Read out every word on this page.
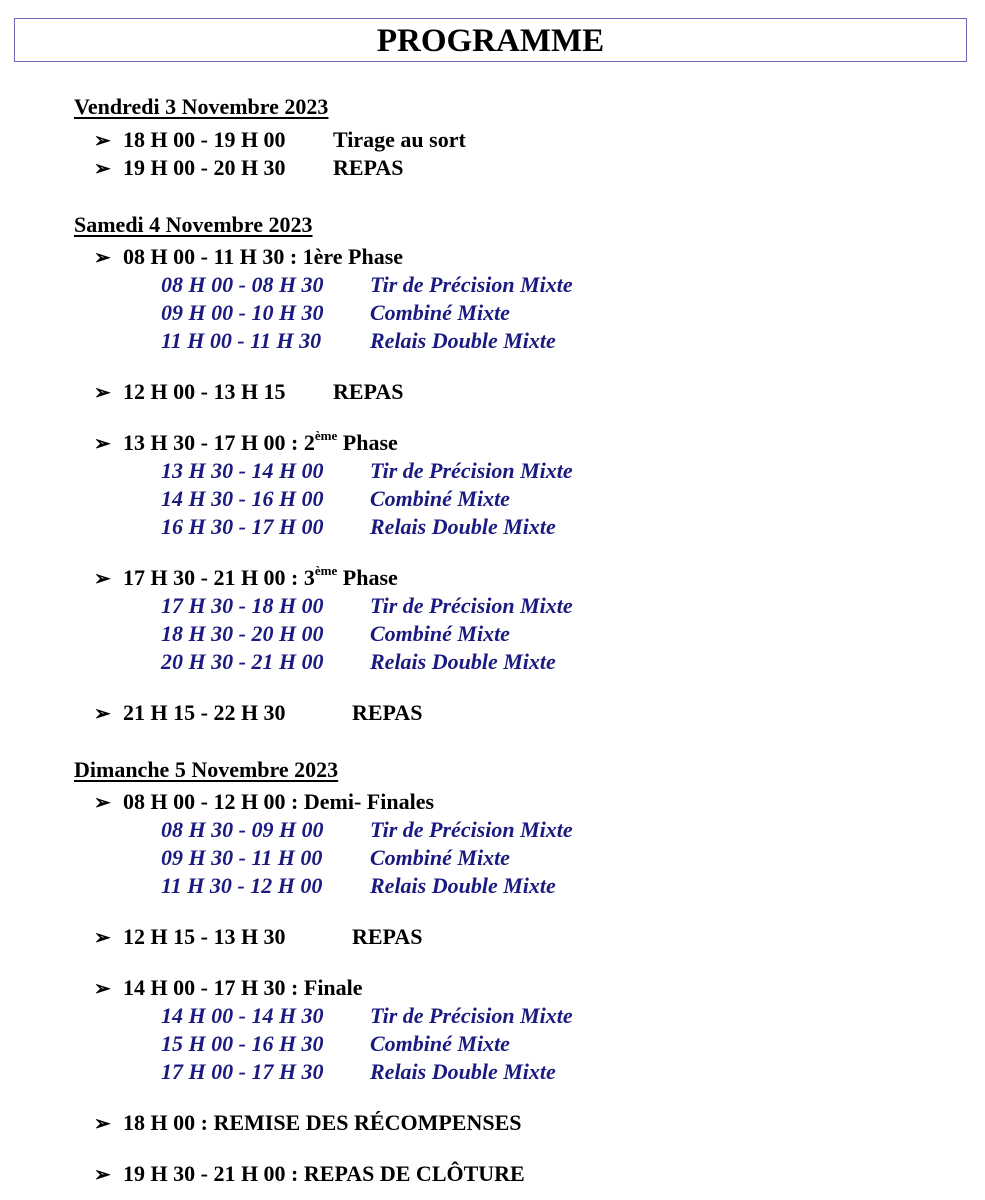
PROGRAMME
Vendredi 3 Novembre 2023
➢ 18 H 00 - 19 H 00 Tirage au sort
➢ 19 H 00 - 20 H 30 REPAS
Samedi 4 Novembre 2023
➢ 08 H 00 - 11 H 30 : 1ère Phase
08 H 00 - 08 H 30 Tir de Précision Mixte
09 H 00 - 10 H 30 Combiné Mixte
11 H 00 - 11 H 30 Relais Double Mixte
➢ 12 H 00 - 13 H 15 REPAS
➢ 13 H 30 - 17 H 00 : 2ème Phase
13 H 30 - 14 H 00 Tir de Précision Mixte
14 H 30 - 16 H 00 Combiné Mixte
16 H 30 - 17 H 00 Relais Double Mixte
➢ 17 H 30 - 21 H 00 : 3ème Phase
17 H 30 - 18 H 00 Tir de Précision Mixte
18 H 30 - 20 H 00 Combiné Mixte
20 H 30 - 21 H 00 Relais Double Mixte
➢ 21 H 15 - 22 H 30	REPAS
Dimanche 5 Novembre 2023
➢ 08 H 00 - 12 H 00 : Demi- Finales
08 H 30 - 09 H 00 Tir de Précision Mixte
09 H 30 - 11 H 00 Combiné Mixte
11 H 30 - 12 H 00 Relais Double Mixte
➢ 12 H 15 - 13 H 30	REPAS
➢ 14 H 00 - 17 H 30 : Finale
14 H 00 - 14 H 30 Tir de Précision Mixte
15 H 00 - 16 H 30 Combiné Mixte
17 H 00 - 17 H 30 Relais Double Mixte
➢ 18 H 00 : REMISE DES RÉCOMPENSES
➢ 19 H 30 - 21 H 00 : REPAS DE CLÔTURE
